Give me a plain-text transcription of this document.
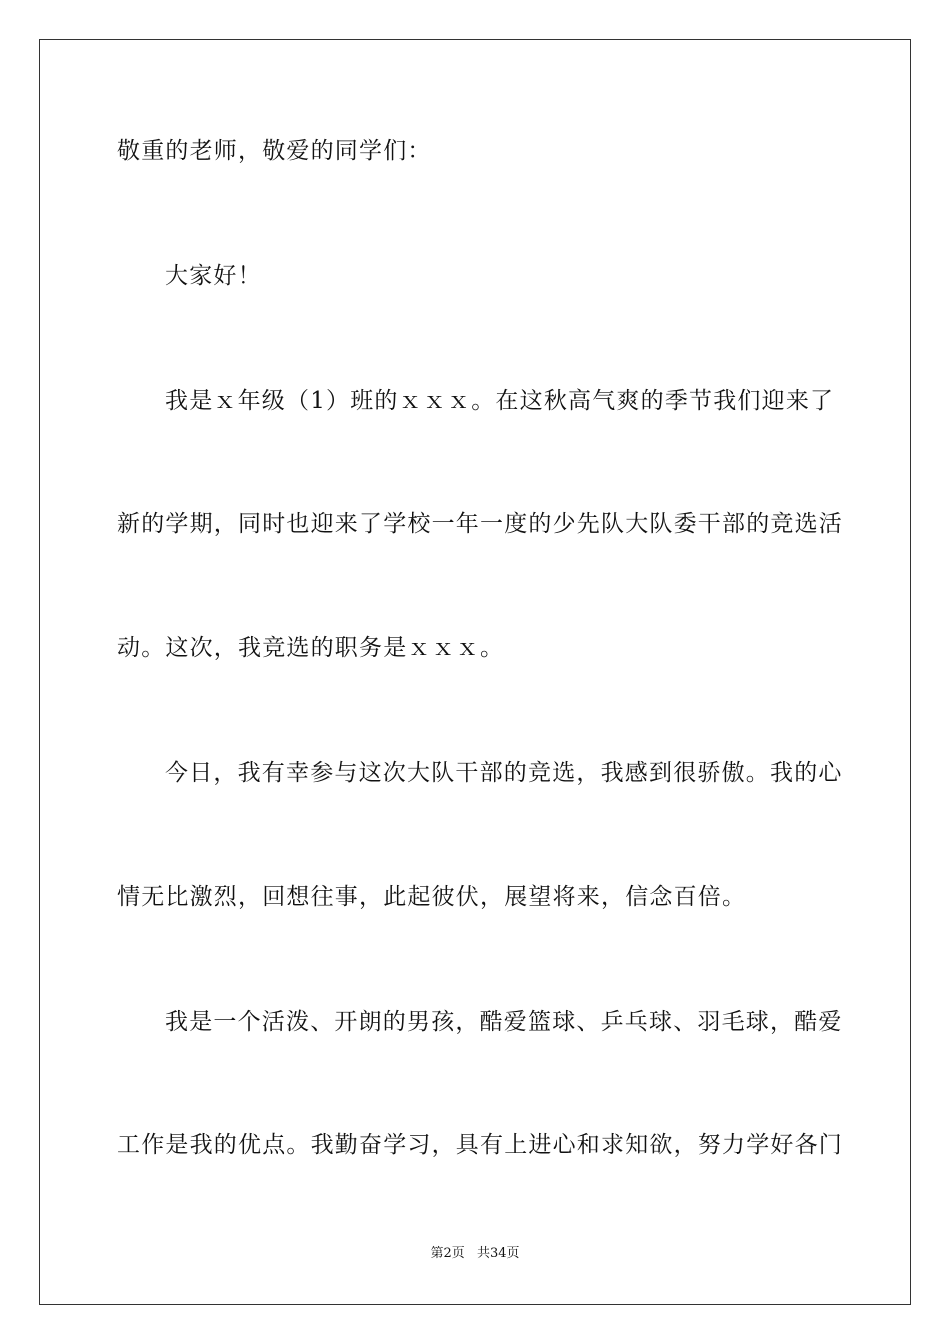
敬重的老师，敬爱的同学们：
大家好！
我是ｘ年级（1）班的ｘｘｘ。在这秋高气爽的季节我们迎来了
新的学期，同时也迎来了学校一年一度的少先队大队委干部的竞选活
动。这次，我竞选的职务是ｘｘｘ。
今日，我有幸参与这次大队干部的竞选，我感到很骄傲。我的心
情无比激烈，回想往事，此起彼伏，展望将来，信念百倍。
我是一个活泼、开朗的男孩，酷爱篮球、乒乓球、羽毛球，酷爱
工作是我的优点。我勤奋学习，具有上进心和求知欲，努力学好各门
第2页 共34页
